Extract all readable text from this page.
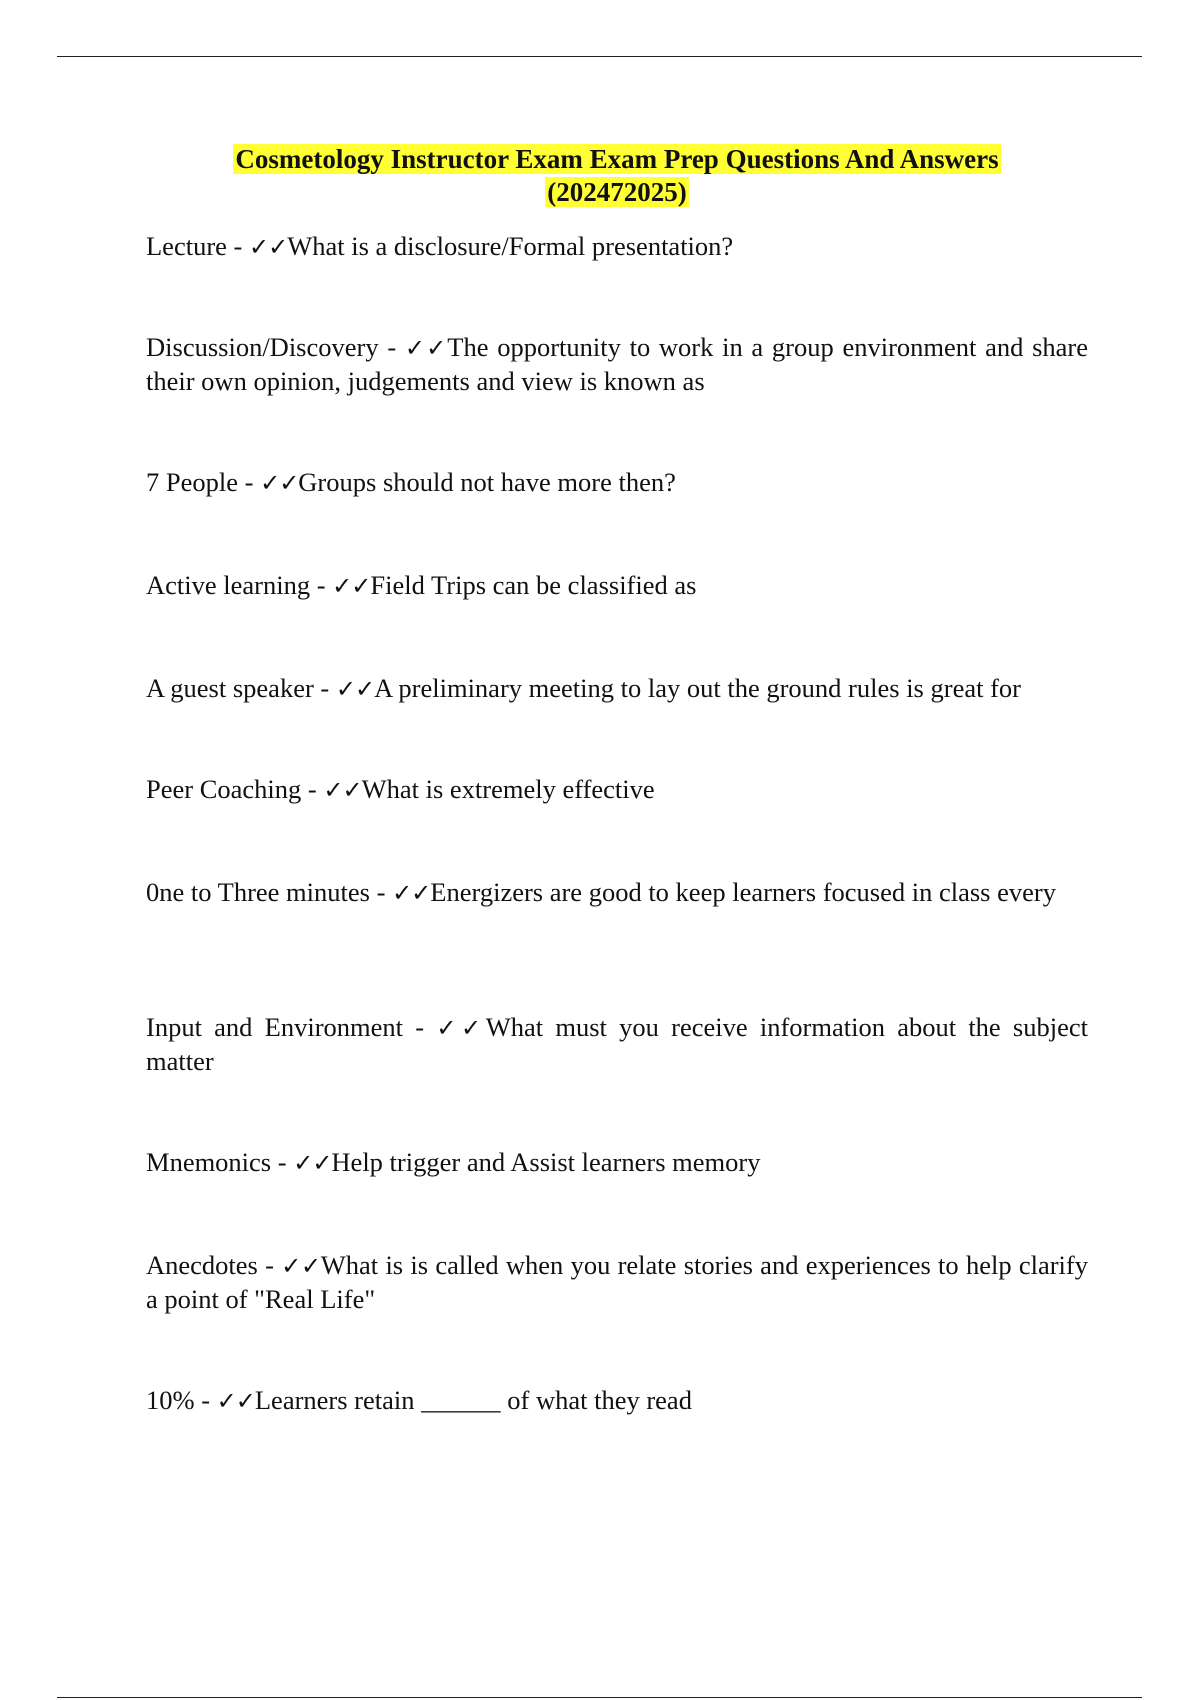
Cosmetology Instructor Exam Exam Prep Questions And Answers
(202472025)

Lecture - ✓✓What is a disclosure/Formal presentation?

Discussion/Discovery - ✓✓The opportunity to work in a group environment and share their own opinion, judgements and view is known as

7 People - ✓✓Groups should not have more then?

Active learning - ✓✓Field Trips can be classified as

A guest speaker - ✓✓A preliminary meeting to lay out the ground rules is great for

Peer Coaching - ✓✓What is extremely effective

0ne to Three minutes - ✓✓Energizers are good to keep learners focused in class every

Input and Environment - ✓✓What must you receive information about the subject matter

Mnemonics - ✓✓Help trigger and Assist learners memory

Anecdotes - ✓✓What is is called when you relate stories and experiences to help clarify a point of "Real Life"

10% - ✓✓Learners retain ______ of what they read
